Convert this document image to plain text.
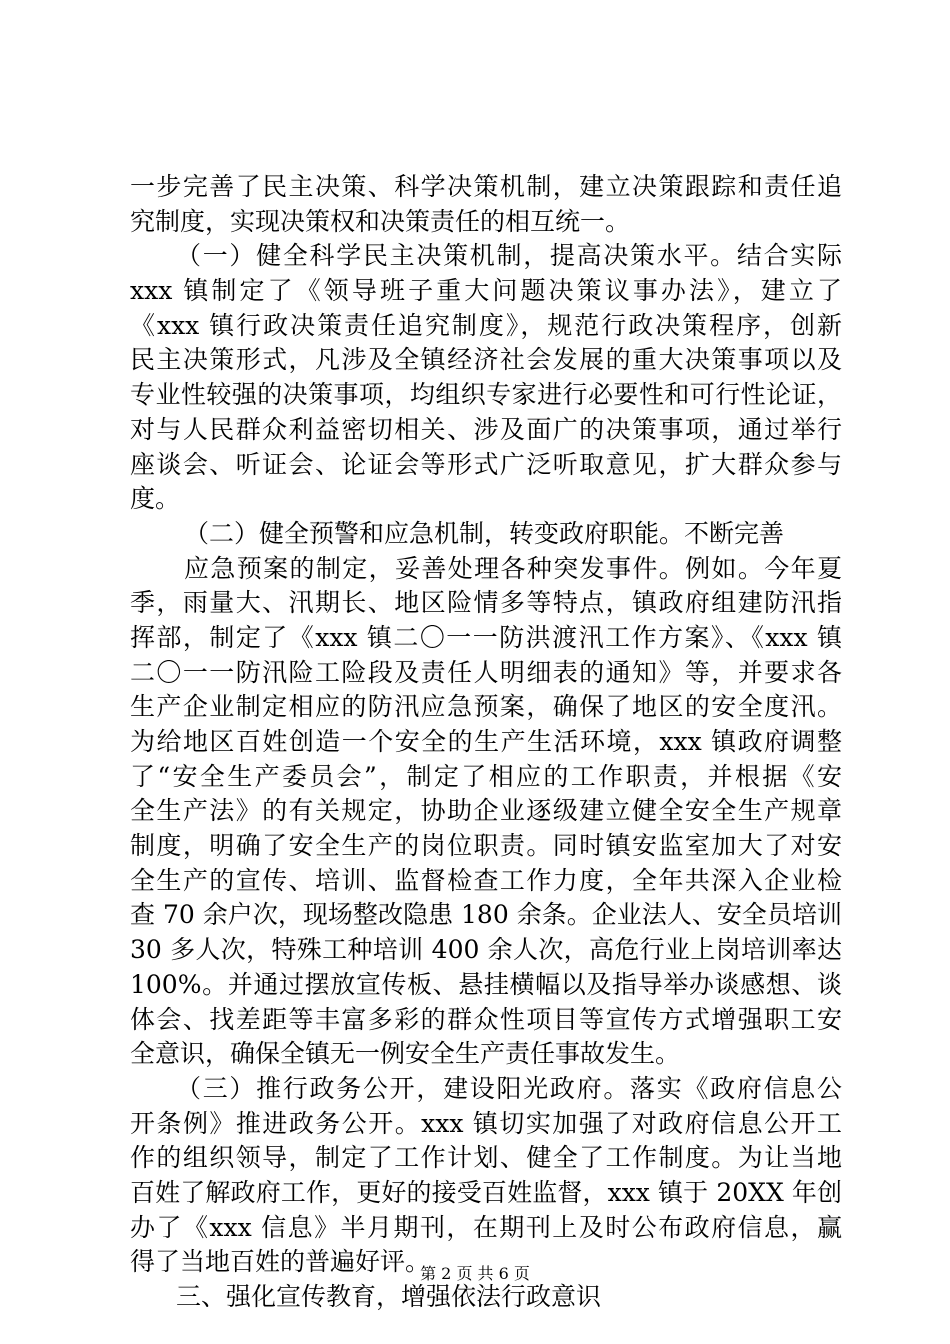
一步完善了民主决策、科学决策机制，建立决策跟踪和责任追
究制度，实现决策权和决策责任的相互统一。
（一）健全科学民主决策机制，提高决策水平。结合实际
xxx 镇制定了《领导班子重大问题决策议事办法》，建立了
《xxx 镇行政决策责任追究制度》，规范行政决策程序，创新
民主决策形式，凡涉及全镇经济社会发展的重大决策事项以及
专业性较强的决策事项，均组织专家进行必要性和可行性论证，
对与人民群众利益密切相关、涉及面广的决策事项，通过举行
座谈会、听证会、论证会等形式广泛听取意见，扩大群众参与
度。
（二）健全预警和应急机制，转变政府职能。不断完善
应急预案的制定，妥善处理各种突发事件。例如。今年夏
季，雨量大、汛期长、地区险情多等特点，镇政府组建防汛指
挥部，制定了《xxx 镇二〇一一防洪渡汛工作方案》、《xxx 镇
二〇一一防汛险工险段及责任人明细表的通知》等，并要求各
生产企业制定相应的防汛应急预案，确保了地区的安全度汛。
为给地区百姓创造一个安全的生产生活环境，xxx 镇政府调整
了“安全生产委员会”，制定了相应的工作职责，并根据《安
全生产法》的有关规定，协助企业逐级建立健全安全生产规章
制度，明确了安全生产的岗位职责。同时镇安监室加大了对安
全生产的宣传、培训、监督检查工作力度，全年共深入企业检
查 70 余户次，现场整改隐患 180 余条。企业法人、安全员培训
30 多人次，特殊工种培训 400 余人次，高危行业上岗培训率达
100%。并通过摆放宣传板、悬挂横幅以及指导举办谈感想、谈
体会、找差距等丰富多彩的群众性项目等宣传方式增强职工安
全意识，确保全镇无一例安全生产责任事故发生。
（三）推行政务公开，建设阳光政府。落实《政府信息公
开条例》推进政务公开。xxx 镇切实加强了对政府信息公开工
作的组织领导，制定了工作计划、健全了工作制度。为让当地
百姓了解政府工作，更好的接受百姓监督，xxx 镇于 20XX 年创
办了《xxx 信息》半月期刊，在期刊上及时公布政府信息，赢
得了当地百姓的普遍好评。
三、强化宣传教育，增强依法行政意识
第 2 页 共 6 页
